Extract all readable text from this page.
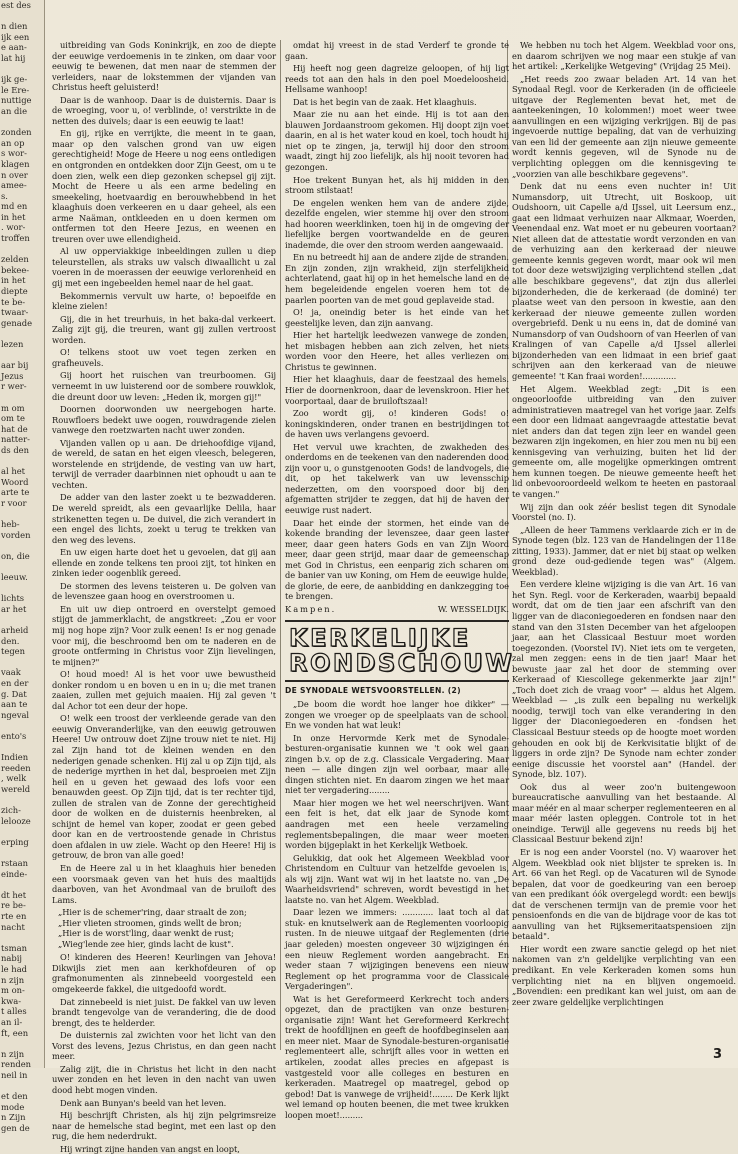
est des

n dien

ijk een

e aan-

lat hij

ijk ge-

le Ere-

nuttige

an die

zonden

an op

s wor-

klagen

n over

amee-

s.

md en

in het

. wor-

troffen

zelden

bekee-

in het

diepte

te be-

twaar-

genade

lezen

aar bij

Jezus

r wer-

m om

om te

hat de

natter-

ds den

al het

Woord

arte te

r voor

heb-

vorden

on, die

leeuw.

lichts

ar het

arheid

den.

tegen

vaak

en der

g. Dat

aan te

ngeval

ento's

Indien

reeden

, welk

wereld

zich-

lelooze

erping

rstaan

einde-

dt het

re be-

rte en

nacht

tsman

nabij

le had

n zijn

m on-

kwa-

t alles

an il-

ft, een

n zijn

renden

neil in

et den

mode

n Zijn

gen de

uitbreiding van Gods Koninkrijk, en zoo de diepte der eeuwige verdoemenis in te zinken, om daar voor eeuwig te bewenen, dat men naar de stemmen der verleiders, naar de lokstemmen der vijanden van Christus heeft geluisterd!

Daar is de wanhoop. Daar is de duisternis. Daar is de wroeging, voor u, o! verblinde, o! verstrikte in de netten des duivels; daar is een eeuwig te laat!

En gij, rijke en verrijkte, die meent in te gaan, maar op den valschen grond van uw eigen gerechtigheid! Moge de Heere u nog eens ontledigen en ontgronden en ontdekken door Zijn Geest, om u te doen zien, welk een diep gezonken schepsel gij zijt. Mocht de Heere u als een arme bedeling en smeekeling, hoetvaardig en berouwhebbend in het klaaghuis doen verkeeren en u daar geheel, als een arme Naäman, ontkleeden en u doen kermen om ontfermen tot den Heere Jezus, en weenen en treuren over uwe ellendigheid.

Al uw opperviakkige inbeeldingen zullen u diep teleurstellen, als straks uw valsch diwaallicht u zal voeren in de moerassen der eeuwige verlorenheid en gij met een ingebeelden hemel naar de hel gaat.

Bekommernis vervult uw harte, o! bepoeifde en kleine zielen!

Gij, die in het treurhuis, in het baka-dal verkeert. Zalig zijt gij, die treuren, want gij zullen vertroost worden.

O! telkens stoot uw voet tegen zerken en grafheuvels.

Gij hoort het ruischen van treurboomen. Gij verneemt in uw luisterend oor de sombere rouwklok, die dreunt door uw leven: „Heden ik, morgen gij!"

Doornen doorwonden uw neergebogen harte. Rouwfloers bedekt uwe oogen, rouwdragende zielen vanwege den roetzwarten nacht uwer zonden.

Vijanden vallen op u aan. De driehoofdige vijand, de wereld, de satan en het eigen vleesch, belegeren, worstelende en strijdende, de vesting van uw hart, terwijl de verrader daarbinnen niet ophoudt u aan te vechten.

De adder van den laster zoekt u te bezwadderen. De wereld spreidt, als een gevaarlijke Delila, haar strikenetten tegen u. De duivel, die zich verandert in een engel des lichts, zoekt u terug te trekken van den weg des levens.

En uw eigen harte doet het u gevoelen, dat gij aan ellende en zonde telkens ten prooi zijt, tot hinken en zinken ieder oogenblik gereed.

De stormen des levens teisteren u. De golven van de levenszee gaan hoog en overstroomen u.

En uit uw diep ontroerd en overstelpt gemoed stijgt de jammerklacht, de angstkreet: „Zou er voor mij nog hope zijn? Voor zulk eenen! Is er nog genade voor mij, die beschroomd ben om te naderen en de groote ontferming in Christus voor Zijn lievelingen, te mijnen?"

O! houd moed! Al is het voor uwe bewustheid donker rondom u en boven u en in u; die met tranen zaaien, zullen met gejuich maaien. Hij zal geven 't dal Achor tot een deur der hope.

O! welk een troost der verkleende gerade van den eeuwig Onveranderlijke, van den eeuwig getrouwen Heere! Uw ontrouw doet Zijne trouw niet te niet. Hij zal Zijn hand tot de kleinen wenden en den nederigen genade schenken. Hij zal u op Zijn tijd, als de nederige myrthen in het dal, besproeien met Zijn heil en u geven het gewaad des lofs voor een benauwden geest. Op Zijn tijd, dat is ter rechter tijd, zullen de stralen van de Zonne der gerechtigheid door de wolken en de duisternis heenbreken, al schijnt de hemel van koper, zoodat er geen gebed door kan en de vertroostende genade in Christus doen afdalen in uw ziele. Wacht op den Heere! Hij is getrouw, de bron van alle goed!

En de Heere zal u in het klaaghuis hier beneden een voorsmaak geven van het huis des maaltijds daarboven, van het Avondmaal van de bruiloft des Lams.

„Hier is de schemer'ring, daar straalt de zon;

„Hier vlieten stroomen, ginds wellt de bron;

„Hier is de worst'ling, daar wenkt de rust;

„Wieg'lende zee hier, ginds lacht de kust".

O! kinderen des Heeren! Keurlingen van Jehova! Dikwijls ziet men aan kerkhofdeuren of op grafmonumenten als zinnebeeld voorgesteld een omgekeerde fakkel, die uitgedoofd wordt.

Dat zinnebeeld is niet juist. De fakkel van uw leven brandt tengevolge van de verandering, die de dood brengt, des te helderder.

De duisternis zal zwichten voor het licht van den Vorst des levens, Jezus Christus, en dan geen nacht meer.

Zalig zijt, die in Christus het licht in den nacht uwer zonden en het leven in den nacht van uwen dood hebt mogen vinden.

Denk aan Bunyan's beeld van het leven.

Hij beschrijft Christen, als hij zijn pelgrimsreize naar de hemelsche stad begint, met een last op den rug, die hem nederdrukt.

Hij wringt zijne handen van angst en loopt,

omdat hij vreest in de stad Verderf te gronde te gaan.

Hij heeft nog geen dagreize geloopen, of hij ligt reeds tot aan den hals in den poel Moedeloosheid. Hellsame wanhoop!

Dat is het begin van de zaak. Het klaaghuis.

Maar zie nu aan het einde. Hij is tot aan den blauwen Jordaanstroom gekomen. Hij doopt zijn voet daarin, en al is het water koud en koel, toch houdt hij niet op te zingen, ja, terwijl hij door den stroom waadt, zingt hij zoo liefelijk, als hij nooit tevoren had gezongen.

Hoe trekent Bunyan het, als hij midden in den stroom stilstaat!

De engelen wenken hem van de andere zijde, dezelfde engelen, wier stemme hij over den stroom had hooren weerklinken, toen hij in de omgeving der liefelijke bergen voortwandelde en de geuren inademde, die over den stroom werden aangewaaid.

En nu betreedt hij aan de andere zijde de stranden. En zijn zonden, zijn wrakheid, zijn sterfelijkheid achterlatend, gaat hij op in het hemelsche land en de hem begeleidende engelen voeren hem tot de paarlen poorten van de met goud geplaveide stad.

O! ja, oneindig beter is het einde van het geestelijke leven, dan zijn aanvang.

Hier het hartelijk leedwezen vanwege de zonden, het misbagen hebben aan zich zelven, het niets worden voor den Heere, het alles verliezen om Christus te gewinnen.

Hier het klaaghuis, daar de feestzaal des hemels. Hier de doornenkroon, daar de levenskroon. Hier het voorportaal, daar de bruiloftszaal!

Zoo wordt gij, o! kinderen Gods! o! koningskinderen, onder tranen en bestrijdingen tot de haven uws verlangens gevoerd.

Het vervul uwe krachten, de zwakheden des onderdoms en de teekenen van den naderenden dood zijn voor u, o gunstgenooten Gods! de landvogels, die dit, op het takelwerk van uw levensschip nederzetten, om den voorspoed door bij den afgematten strijder te zeggen, dat hij de haven der eeuwige rust nadert.

Daar het einde der stormen, het einde van de kokende branding der levenszee, daar geen laster meer, daar geen haters Gods en van Zijn Woord meer, daar geen strijd, maar daar de gemeenschap met God in Christus, een eenparig zich scharen om de banier van uw Koning, om Hem de eeuwige hulde, de glorie, de eere, de aanbidding en dankzegging toe te brengen.

Kampen.	W. WESSELDIJK.

KERKELIJKE
RONDSCHOUW
DE SYNODALE WETSVOORSTELLEN. (2)

„De boom die wordt hoe langer hoe dikker" — zongen we vroeger op de speelplaats van de school. En we vonden hat wat leuk!

In onze Hervormde Kerk met de Synodale-besturen-organisatie kunnen we 't ook wel gaan zingen b.v. op de z.g. Classicale Vergadering. Maar neen — alle dingen zijn wel oorbaar, maar alle dingen stichten niet. En daarom zingen we het maar niet ter vergadering........

Maar hier mogen we het wel neerschrijven. Want een feit is het, dat elk jaar de Synode komt aandragen met een heele verzameling reglementsbepalingen, die maar weer moeten worden bijgeplakt in het Kerkelijk Wetboek.

Gelukkig, dat ook het Algemeen Weekblad voor Christendom en Cultuur van hetzelfde gevoelen is, als wij zijn. Want wat wij in het laatste no. van „De Waarheidsvriend" schreven, wordt bevestigd in het laatste no. van het Algem. Weekblad.

Daar lezen we immers: ............ laat toch al dat stuk- en knutselwerk aan de Reglementen voorloopig rusten. In de nieuwe uitgaaf der Reglementen (drie jaar geleden) moesten ongeveer 30 wijzigingen én een nieuw Reglement worden aangebracht. En weder staan 7 wijzigingen benevens een nieuw Reglement op het programma voor de Classicale Vergaderingen".

Wat is het Gereformeerd Kerkrecht toch anders opgezet, dan de practijken van onze besturen-organisatie zijn! Want het Gereformeerd Kerkrecht trekt de hoofdlijnen en geeft de hoofdbeginselen aan en meer niet. Maar de Synodale-besturen-organisatie reglementeert alle, schrijft alles voor in wetten en artikelen, zoodat alles precies en afgepast is vastgesteld voor alle colleges en besturen en kerkeraden. Maatregel op maatregel, gebod op gebod! Dat is vanwege de vrijheid!........ De Kerk lijkt wel iemand op houten beenen, die met twee krukken loopen moet!.........

We hebben nu toch het Algem. Weekblad voor ons, en daarom schrijven we nog maar een stukje af van het artikel: „Kerkelijke Wetgeving" (Vrijdag 25 Mei).

„Het reeds zoo zwaar beladen Art. 14 van het Synodaal Regl. voor de Kerkeraden (in de officieele uitgave der Reglementen bevat het, met de aanteekeningen, 10 kolommen!) moet weer twee aanvullingen en een wijziging verkrijgen. Bij de pas ingevoerde nuttige bepaling, dat van de verhuizing van een lid der gemeente aan zijn nieuwe gemeente wordt kennis gegeven, wil de Synode nu de verplichting opleggen om die kennisgeving te „voorzien van alle beschikbare gegevens".

Denk dat nu eens even nuchter in! Uit Numansdorp, uit Utrecht, uit Boskoop, uit Oudshoorn, uit Capelle a/d IJssel, uit Leersum enz., gaat een lidmaat verhuizen naar Alkmaar, Woerden, Veenendaal enz. Wat moet er nu gebeuren voortaan? Niet alleen dat de attestatie wordt verzonden en van de verhuizing aan den kerkeraad der nieuwe gemeente kennis gegeven wordt, maar ook wil men tot door deze wetswijziging verplichtend stellen „dat alle beschikbare gegevens", dat zijn dus allerlei bijzonderheden, die de kerkeraad (de dominé) ter plaatse weet van den persoon in kwestie, aan den kerkeraad der nieuwe gemeente zullen worden overgebriefd. Denk u nu eens in, dat de dominé van Numansdorp of van Oudshoorn of van Heerlen of van Kralingen of van Capelle a/d IJssel allerlei bijzonderheden van een lidmaat in een brief gaat schrijven aan den kerkeraad van de nieuwe gemeente! 't Kan fraai worden!.............

Het Algem. Weekblad zegt: „Dit is een ongeoorloofde uitbreiding van den zuiver administratieven maatregel van het vorige jaar. Zelfs een door een lidmaat aangevraagde attestatie bevat niet anders dan dat tegen zijn leer en wandel geen bezwaren zijn ingekomen, en hier zou men nu bij een kennisgeving van verhuizing, buiten het lid der gemeente om, alle mogelijke opmerkingen omtrent hem kunnen toegen. De nieuwe gemeente heeft het lid onbevooroordeeld welkom te heeten en pastoraal te vangen."

Wij zijn dan ook zéér beslist tegen dit Synodale Voorstel (no. I).

„Alleen de heer Tammens verklaarde zich er in de Synode tegen (blz. 123 van de Handelingen der 118e zitting, 1933). Jammer, dat er niet bij staat op welken grond deze oud-gediende tegen was" (Algem. Weekblad).

Een verdere kleine wijziging is die van Art. 16 van het Syn. Regl. voor de Kerkeraden, waarbij bepaald wordt, dat om de tien jaar een afschrift van den ligger van de diaconiegoederen en fondsen naar den stand van den 31sten December van het afgeloopen jaar, aan het Classicaal Bestuur moet worden toegezonden. (Voorstel IV). Niet iets om te vergeten, zal men zeggen: eens in de tien jaar! Maar het bewuste jaar zal het door de stemming over Kerkeraad of Kiescollege gekenmerkte jaar zijn!" „Toch doet zich de vraag voor" — aldus het Algem. Weekblad — „is zulk een bepaling nu werkelijk noodig, terwijl toch van elke verandering in den ligger der Diaconiegoederen en -fondsen het Classicaal Bestuur steeds op de hoogte moet worden gehouden en ook bij de Kerkvisitatie blijkt of de liggers in orde zijn? De Synode nam echter zonder eenige discussie het voorstel aan" (Handel. der Synode, blz. 107).

Ook dus al weer zoo'n buitengewoon bureaucratische aanvulling van het bestaande. Al maar méér en al maar scherper reglementeeren en al maar méér lasten opleggen. Controle tot in het oneindige. Terwijl alle gegevens nu reeds bij het Classicaal Bestuur bekend zijn!

Er is nog een ander Voorstel (no. V) waarover het Algem. Weekblad ook niet blijster te spreken is. In Art. 66 van het Regl. op de Vacaturen wil de Synode bepalen, dat voor de goedkeuring van een beroep van een predikant óók overgelegd wordt: een bewijs dat de verschenen termijn van de premie voor het pensioenfonds en die van de bijdrage voor de kas tot aanvulling van het Rijksemeritaatspensioen zijn betaald".

Hier wordt een zware sanctie gelegd op het niet nakomen van z'n geldelijke verplichting van een predikant. En vele Kerkeraden komen soms hun verplichting niet na en blijven ongemoeid. „Bovendien: een predikant kan wel juist, om aan de zeer zware geldelijke verplichtingen

3
